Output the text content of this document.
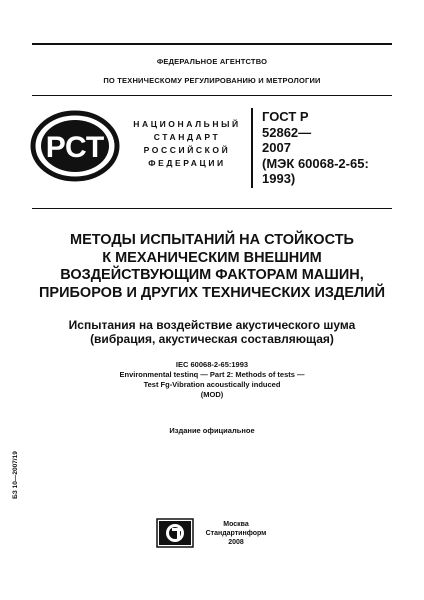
ФЕДЕРАЛЬНОЕ АГЕНТСТВО
ПО ТЕХНИЧЕСКОМУ РЕГУЛИРОВАНИЮ И МЕТРОЛОГИИ
РСТ
НАЦИОНАЛЬНЫЙ
СТАНДАРТ
РОССИЙСКОЙ
ФЕДЕРАЦИИ
ГОСТ Р
52862—
2007
(МЭК 60068-2-65:
1993)
МЕТОДЫ ИСПЫТАНИЙ НА СТОЙКОСТЬ
К МЕХАНИЧЕСКИМ ВНЕШНИМ
ВОЗДЕЙСТВУЮЩИМ ФАКТОРАМ МАШИН,
ПРИБОРОВ И ДРУГИХ ТЕХНИЧЕСКИХ ИЗДЕЛИЙ
Испытания на воздействие акустического шума
(вибрация, акустическая составляющая)
IEC 60068-2-65:1993
Environmental testinq — Part 2: Methods of tests —
Test Fg-Vibration acoustically induced
(MOD)
Издание официальное
БЗ 10—2007/19
Москва
Стандартинформ
2008
